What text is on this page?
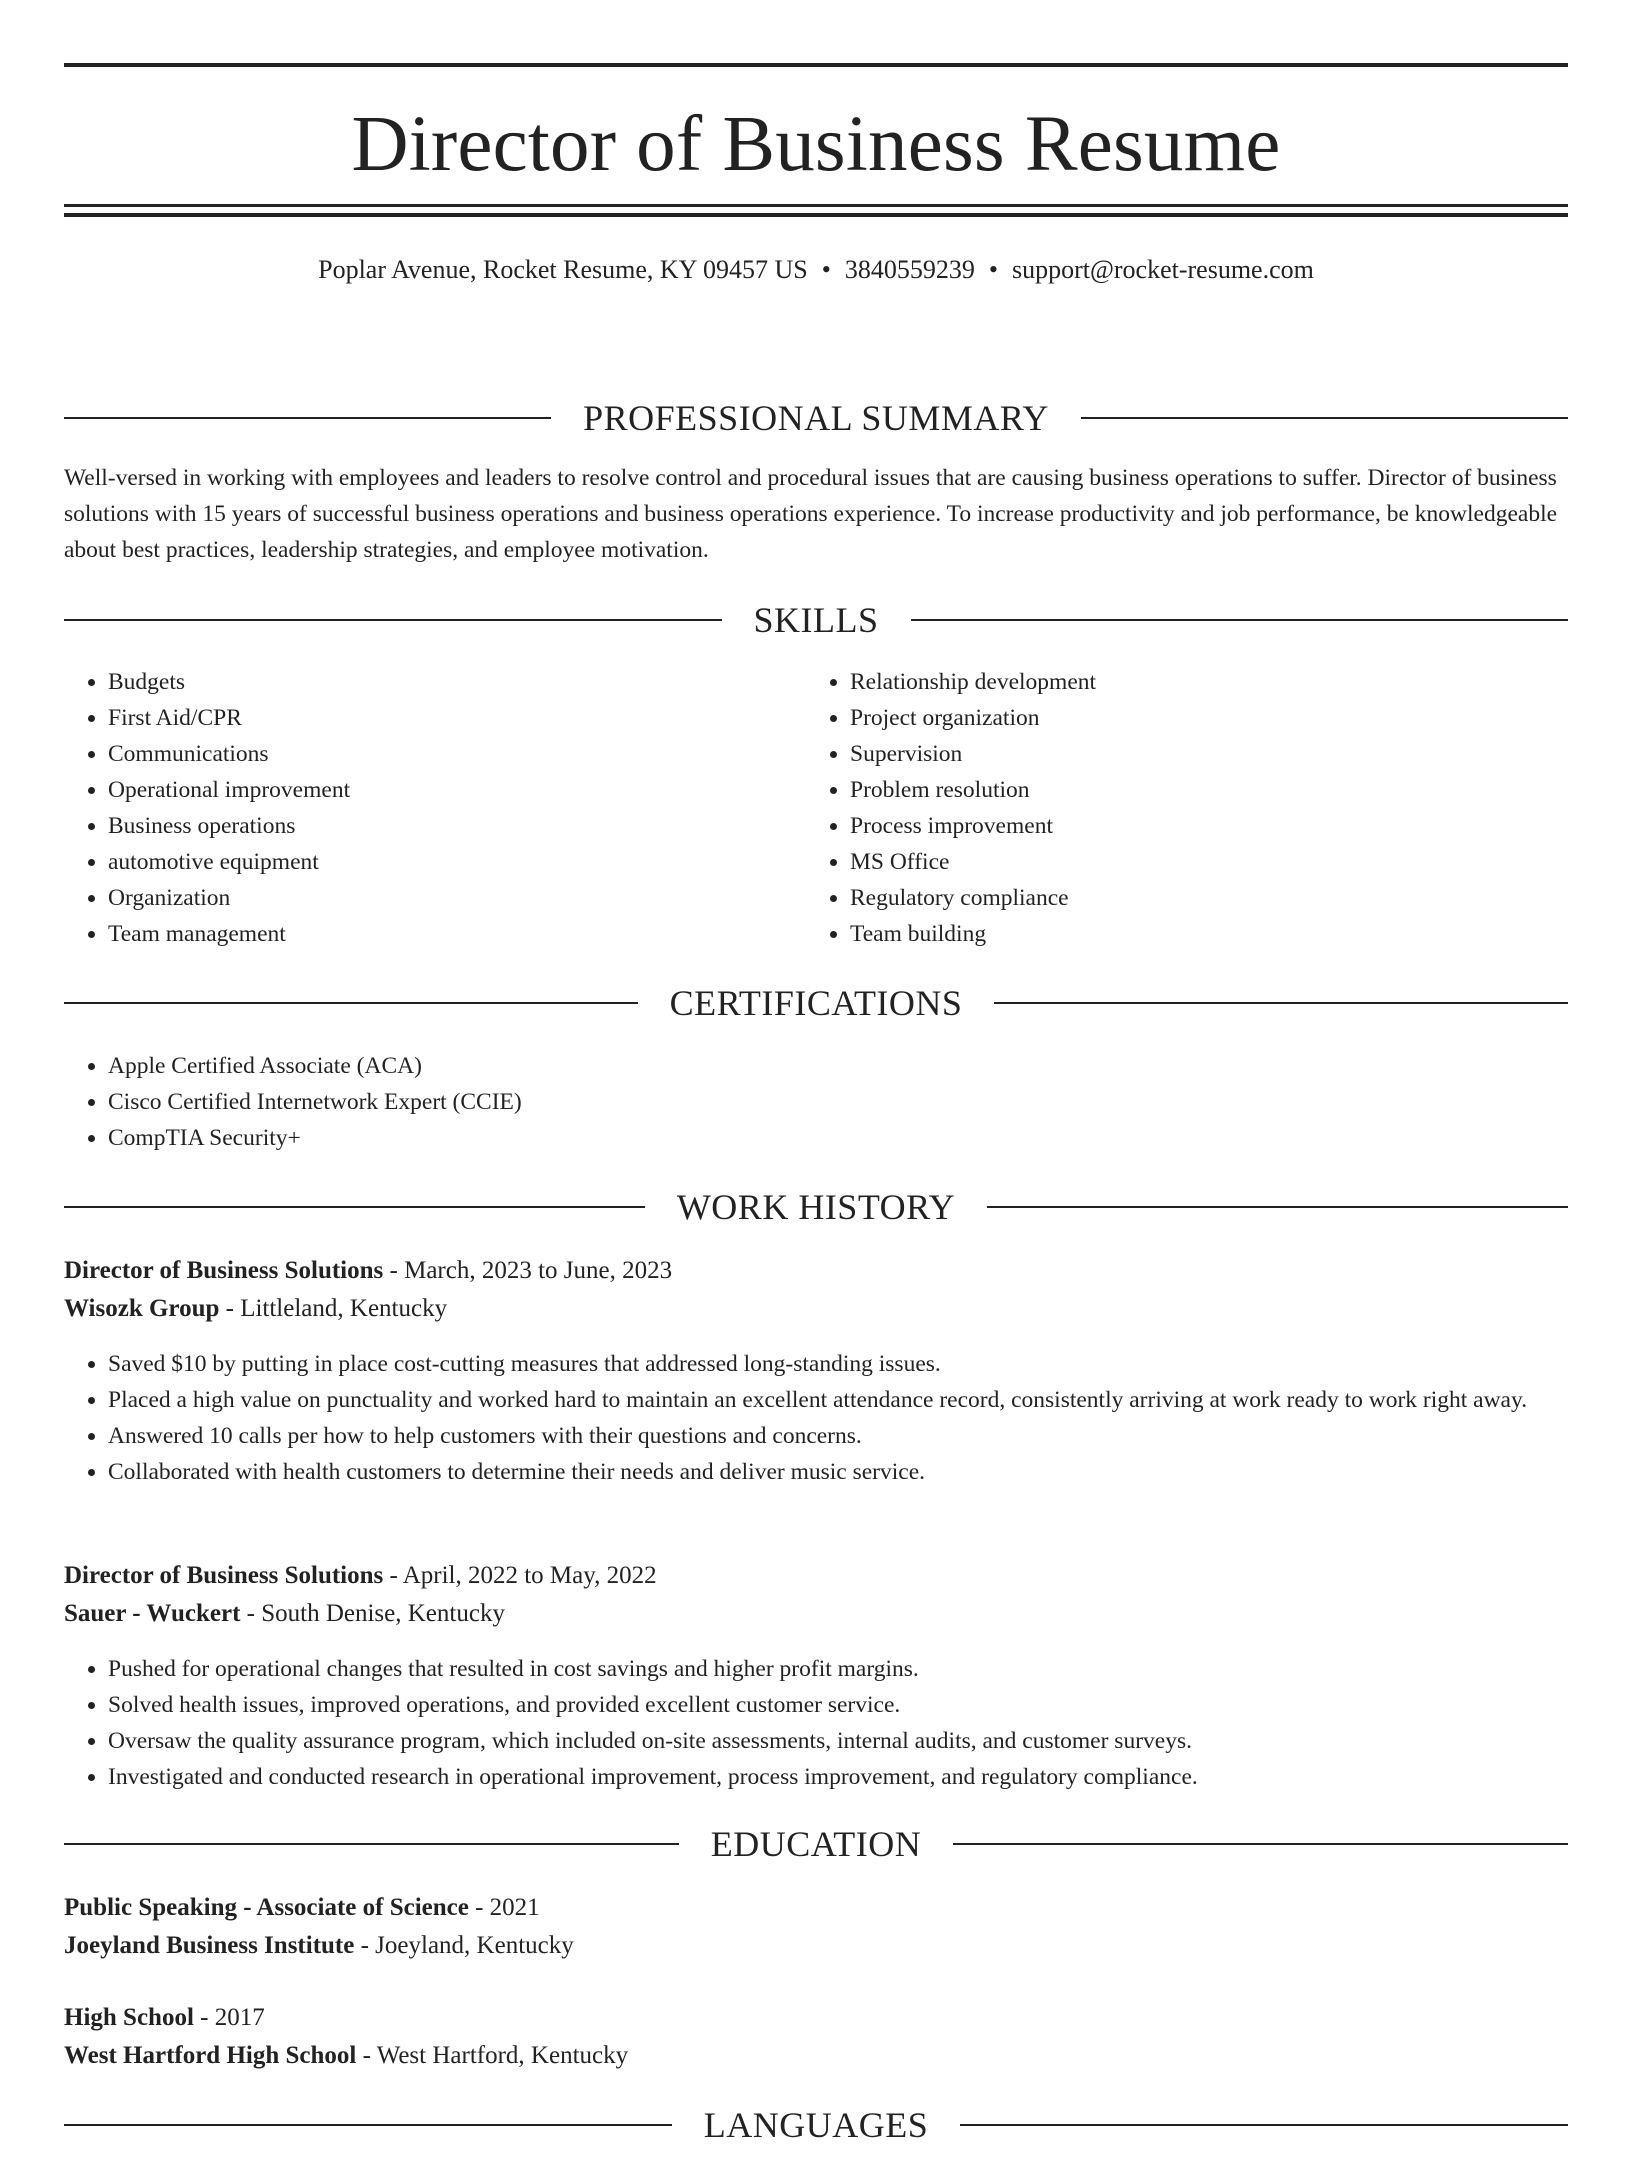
Director of Business Resume
Poplar Avenue, Rocket Resume, KY 09457 US • 3840559239 • support@rocket-resume.com
PROFESSIONAL SUMMARY

Well-versed in working with employees and leaders to resolve control and procedural issues that are causing business operations to suffer. Director of business solutions with 15 years of successful business operations and business operations experience. To increase productivity and job performance, be knowledgeable about best practices, leadership strategies, and employee motivation.

SKILLS
• Budgets
• First Aid/CPR
• Communications
• Operational improvement
• Business operations
• automotive equipment
• Organization
• Team management
• Relationship development
• Project organization
• Supervision
• Problem resolution
• Process improvement
• MS Office
• Regulatory compliance
• Team building
CERTIFICATIONS
• Apple Certified Associate (ACA)
• Cisco Certified Internetwork Expert (CCIE)
• CompTIA Security+
WORK HISTORY
Director of Business Solutions - March, 2023 to June, 2023
Wisozk Group - Littleland, Kentucky
• Saved $10 by putting in place cost-cutting measures that addressed long-standing issues.
• Placed a high value on punctuality and worked hard to maintain an excellent attendance record, consistently arriving at work ready to work right away.
• Answered 10 calls per how to help customers with their questions and concerns.
• Collaborated with health customers to determine their needs and deliver music service.
Director of Business Solutions - April, 2022 to May, 2022
Sauer - Wuckert - South Denise, Kentucky
• Pushed for operational changes that resulted in cost savings and higher profit margins.
• Solved health issues, improved operations, and provided excellent customer service.
• Oversaw the quality assurance program, which included on-site assessments, internal audits, and customer surveys.
• Investigated and conducted research in operational improvement, process improvement, and regulatory compliance.
EDUCATION
Public Speaking - Associate of Science - 2021
Joeyland Business Institute - Joeyland, Kentucky
High School - 2017
West Hartford High School - West Hartford, Kentucky
LANGUAGES
